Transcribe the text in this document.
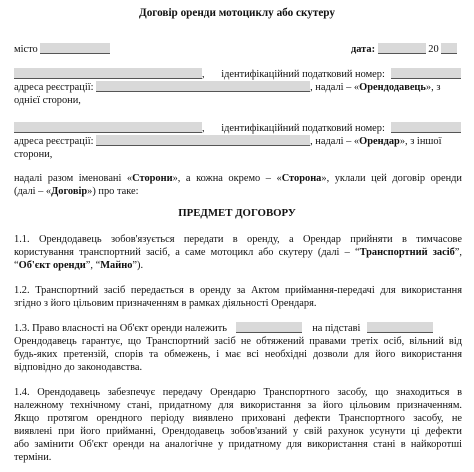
Договір оренди мотоциклу або скутеру
місто	дата:	20
, ідентифікаційний податковий номер:
адреса реєстрації:	, надалі – «Орендодавець», з
однієї сторони,
, ідентифікаційний податковий номер:
адреса реєстрації:	, надалі – «Орендар», з іншої
сторони,
надалі разом іменовані «Сторони», а кожна окремо – «Сторона», уклали цей договір оренди
(далі – «Договір») про таке:
ПРЕДМЕТ ДОГОВОРУ
1.1. Орендодавець зобов'язується передати в оренду, а Орендар прийняти в тимчасове
користування транспортний засіб, а саме мотоцикл або скутеру (далі – “Транспортний засіб”,
“Об'єкт оренди”, “Майно”).
1.2. Транспортний засіб передається в оренду за Актом приймання-передачі для використання
згідно з його цільовим призначенням в рамках діяльності Орендаря.
1.3. Право власності на Об'єкт оренди належить	на підставі
Орендодавець гарантує, що Транспортний засіб не обтяжений правами третіх осіб, вільний від
будь-яких претензій, спорів та обмежень, і має всі необхідні дозволи для його використання
відповідно до законодавства.
1.4. Орендодавець забезпечує передачу Орендарю Транспортного засобу, що знаходиться в
належному технічному стані, придатному для використання за його цільовим призначенням.
Якщо протягом орендного періоду виявлено приховані дефекти Транспортного засобу, не
виявлені при його прийманні, Орендодавець зобов'язаний у свій рахунок усунути ці дефекти
або замінити Об'єкт оренди на аналогічне у придатному для використання стані в найкоротші
терміни.
